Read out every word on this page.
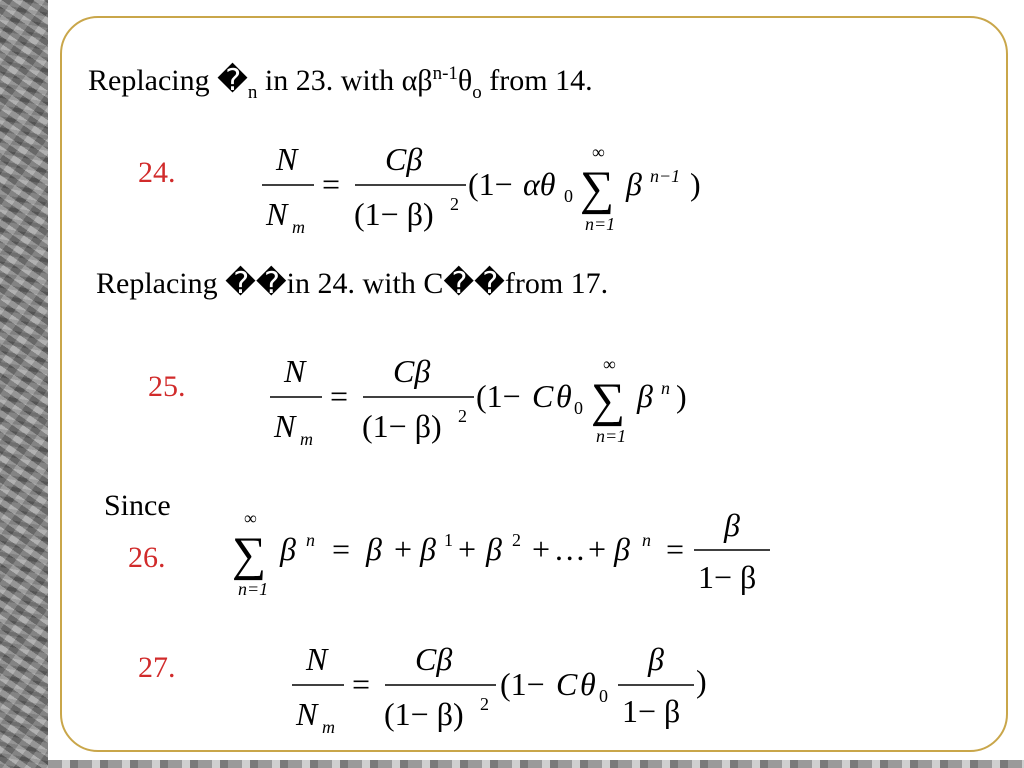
Replacing $�_n$ in 23. with $\alpha\beta^{n-1}\theta_o$ from 14.
24.	N
N m
=
Cβ
(1− β) 2
(1− αθ 0
∞
∑
n=1
β n−1 )
Replacing ��in 24. with C��from 17.
25.	N
N m
=
Cβ
(1− β) 2
(1− C θ 0
∞
∑
n=1
β n )
Since
26.
∞
∑
n=1
β n = β + β 1 + β 2 + … + β n =
β
1− β
27.	N
N m
=
Cβ
(1− β) 2
(1− C θ 0
β
1− β
)
